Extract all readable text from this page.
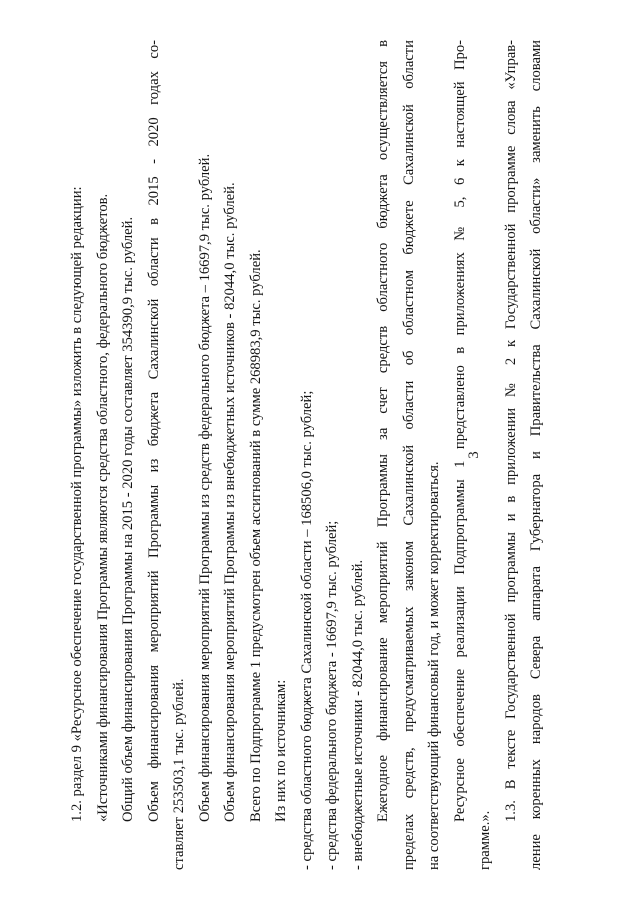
3

1.2. раздел 9 «Ресурсное обеспечение государственной программы» изложить в следующей редакции: «Источниками финансирования Программы являются средства областного, федерального бюджетов. Общий объем финансирования Программы на 2015 - 2020 годы составляет 354390,9 тыс. рублей. Объем финансирования мероприятий Программы из бюджета Сахалинской области в 2015 - 2020 годах со- ставляет 253503,1 тыс. рублей. Объем финансирования мероприятий Программы из средств федерального бюджета – 16697,9 тыс. рублей. Объем финансирования мероприятий Программы из внебюджетных источников - 82044,0 тыс. рублей. Всего по Подпрограмме 1 предусмотрен объем ассигнований в сумме 268983,9 тыс. рублей. Из них по источникам: - средства областного бюджета Сахалинской области – 168506,0 тыс. рублей; - средства федерального бюджета - 16697,9 тыс. рублей; - внебюджетные источники - 82044,0 тыс. рублей. Ежегодное финансирование мероприятий Программы за счет средств областного бюджета осуществляется в пределах средств, предусматриваемых законом Сахалинской области об областном бюджете Сахалинской области на соответствующий финансовый год, и может корректироваться. Ресурсное обеспечение реализации Подпрограммы 1 представлено в приложениях № 5, 6 к настоящей Про-
грамме.».

1.3. В тексте Государственной программы и в приложении № 2 к Государственной программе слова «Управ- ление коренных народов Севера аппарата Губернатора и Правительства Сахалинской области» заменить словами
